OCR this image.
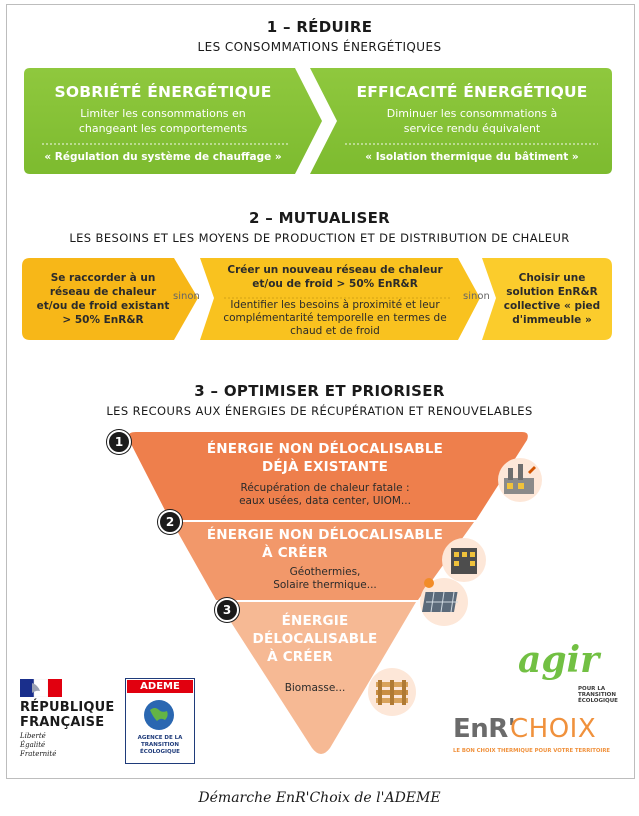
1 – RÉDUIRE
LES CONSOMMATIONS ÉNERGÉTIQUES
SOBRIÉTÉ ÉNERGÉTIQUE
Limiter les consommations en
changeant les comportements
« Régulation du système de chauffage »
EFFICACITÉ ÉNERGÉTIQUE
Diminuer les consommations à
service rendu équivalent
« Isolation thermique du bâtiment »
2 – MUTUALISER
LES BESOINS ET LES MOYENS DE PRODUCTION ET DE DISTRIBUTION DE CHALEUR
Se raccorder à un
réseau de chaleur
et/ou de froid existant
> 50% EnR&R
sinon
Créer un nouveau réseau de chaleur
et/ou de froid > 50% EnR&R
Identifier les besoins à proximité et leur
complémentarité temporelle en termes de
chaud et de froid
sinon
Choisir une
solution EnR&R
collective « pied
d'immeuble »
3 – OPTIMISER ET PRIORISER
LES RECOURS AUX ÉNERGIES DE RÉCUPÉRATION ET RENOUVELABLES
1
2
3
ÉNERGIE NON DÉLOCALISABLE
DÉJÀ EXISTANTE
Récupération de chaleur fatale :
eaux usées, data center, UIOM...
ÉNERGIE NON DÉLOCALISABLE
À CRÉER
Géothermies,
Solaire thermique...
ÉNERGIE
DÉLOCALISABLE
À CRÉER
Biomasse...
RÉPUBLIQUE
FRANÇAISE
Liberté
Égalité
Fraternité
ADEME
AGENCE DE LA
TRANSITION
ÉCOLOGIQUE
agir
POUR LA
TRANSITION
ÉCOLOGIQUE
EnR'
CHOIX
LE BON CHOIX THERMIQUE POUR VOTRE TERRITOIRE
Démarche EnR'Choix de l'ADEME
